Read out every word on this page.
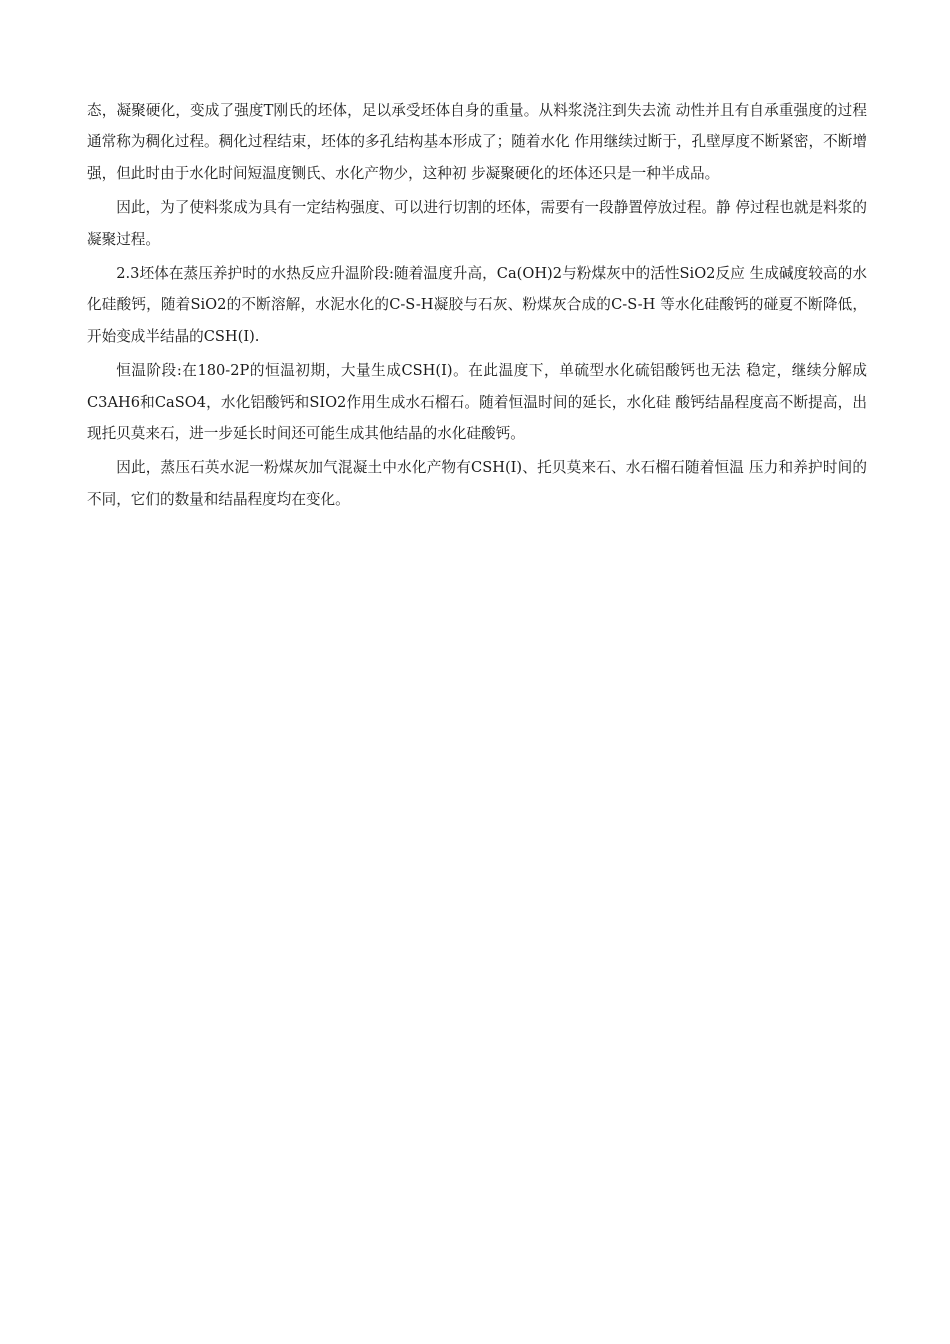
态，凝聚硬化，变成了强度Τ刚氏的坯体，足以承受坯体自身的重量。从料浆浇注到失去流 动性并且有自承重强度的过程通常称为稠化过程。稠化过程结束，坯体的多孔结构基本形成了；随着水化 作用继续过断于，孔壁厚度不断紧密，不断增强，但此时由于水化时间短温度铡氏、水化产物少，这种初 步凝聚硬化的坯体还只是一种半成品。

因此，为了使料浆成为具有一定结构强度、可以进行切割的坯体，需要有一段静置停放过程。静 停过程也就是料浆的凝聚过程。

2.3坯体在蒸压养护时的水热反应升温阶段:随着温度升高，Ca(OH)2与粉煤灰中的活性SiO2反应 生成碱度较高的水化硅酸钙，随着SiO2的不断溶解，水泥水化的C-S-H凝胶与石灰、粉煤灰合成的C-S-H 等水化硅酸钙的碰夏不断降低，开始变成半结晶的CSH(I).

恒温阶段:在180-2P的恒温初期，大量生成CSH(I)。在此温度下，单硫型水化硫铝酸钙也无法 稳定，继续分解成C3AH6和CaSO4，水化铝酸钙和SIO2作用生成水石榴石。随着恒温时间的延长，水化硅 酸钙结晶程度高不断提高，出现托贝莫来石，进一步延长时间还可能生成其他结晶的水化硅酸钙。

因此，蒸压石英水泥一粉煤灰加气混凝土中水化产物有CSH(I)、托贝莫来石、水石榴石随着恒温 压力和养护时间的不同，它们的数量和结晶程度均在变化。
